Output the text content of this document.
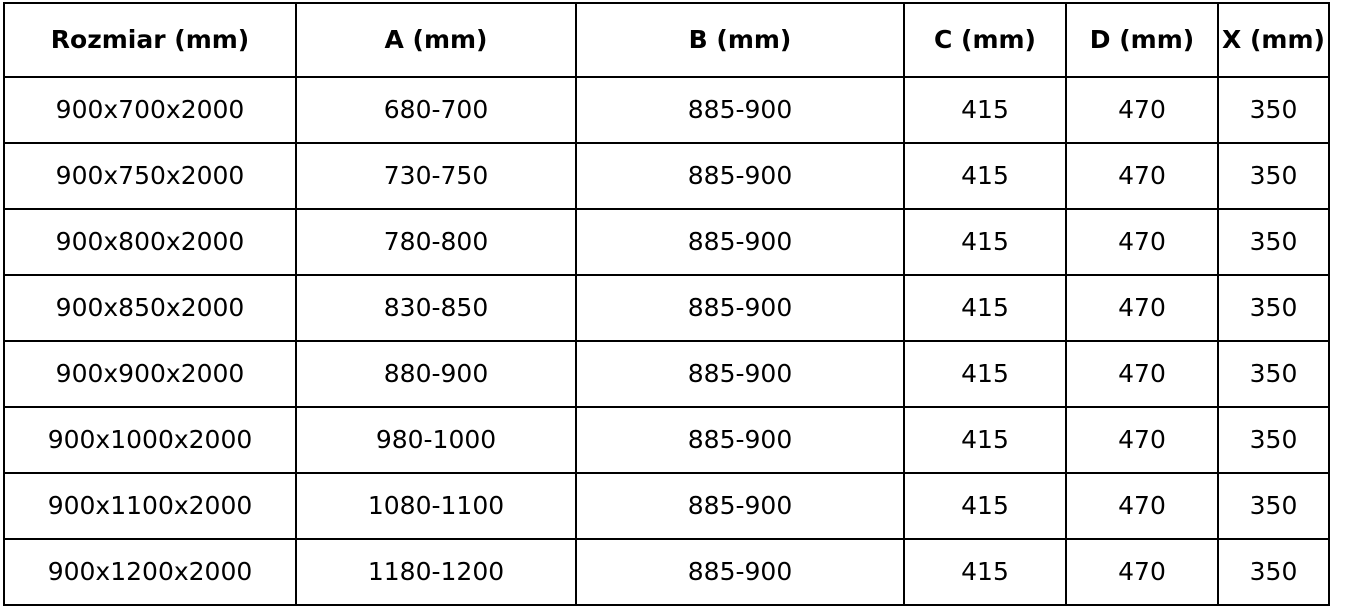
Rozmiar (mm)	A (mm)	B (mm)	C (mm)	D (mm)	X (mm)
900x700x2000	680-700	885-900	415	470	350
900x750x2000	730-750	885-900	415	470	350
900x800x2000	780-800	885-900	415	470	350
900x850x2000	830-850	885-900	415	470	350
900x900x2000	880-900	885-900	415	470	350
900x1000x2000	980-1000	885-900	415	470	350
900x1100x2000	1080-1100	885-900	415	470	350
900x1200x2000	1180-1200	885-900	415	470	350
